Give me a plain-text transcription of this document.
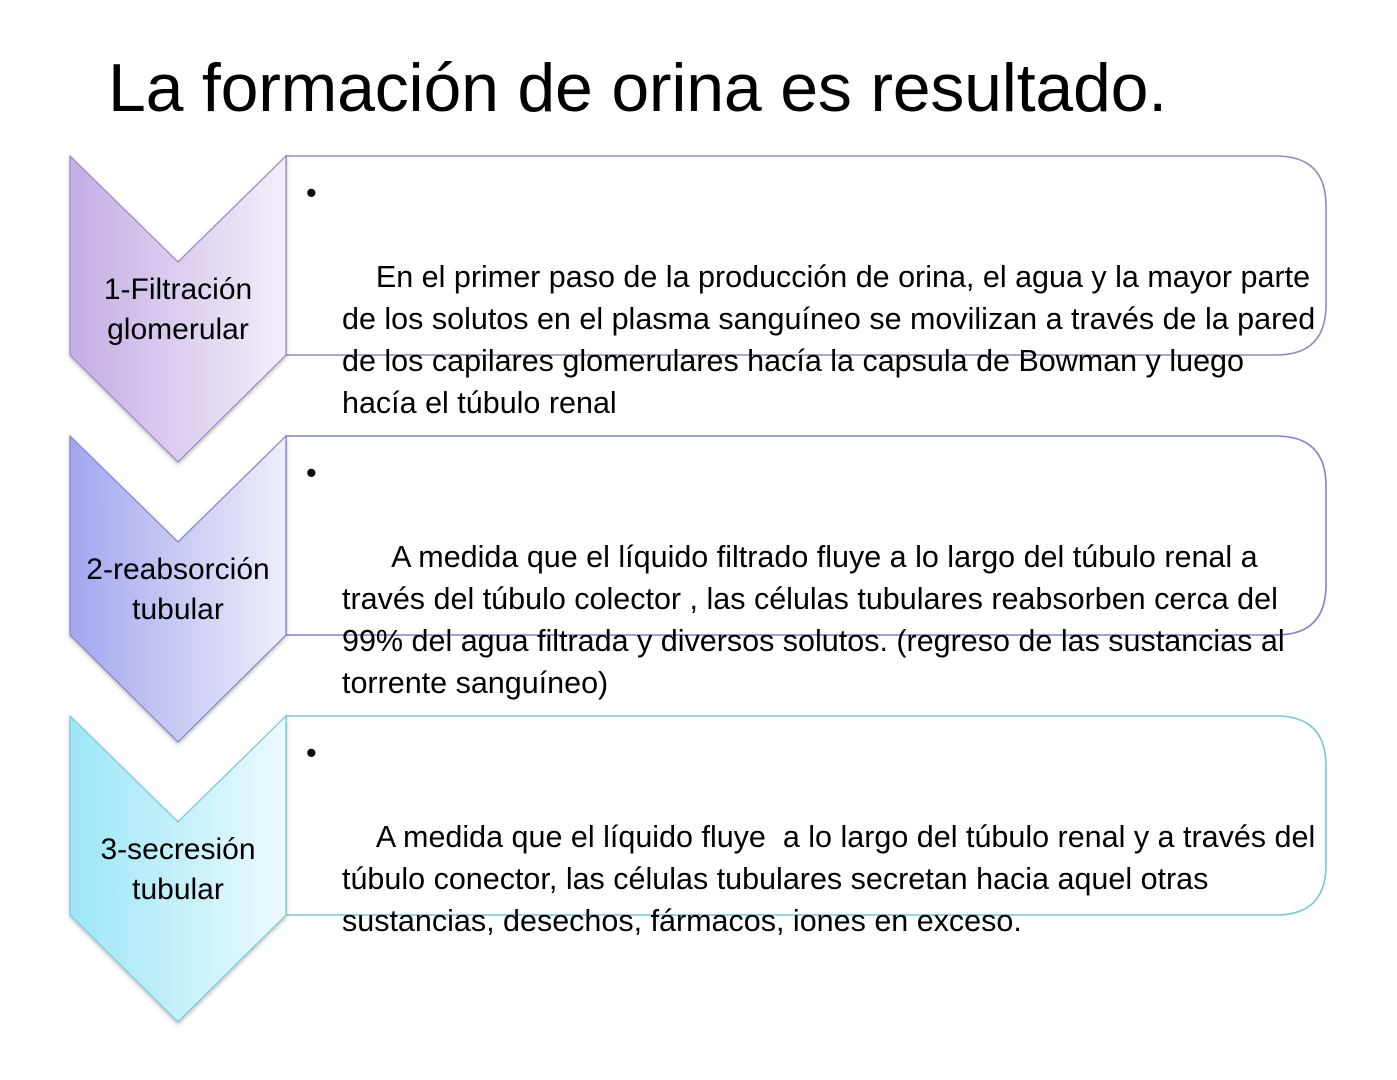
La formación de orina es resultado.
1-Filtración
glomerular

•

En el primer paso de la producción de orina, el agua y la mayor parte de los solutos en el plasma sanguíneo se movilizan a través de la pared de los capilares glomerulares hacía la capsula de Bowman y luego hacía el túbulo renal

2-reabsorción
tubular

•

A medida que el líquido filtrado fluye a lo largo del túbulo renal a través del túbulo colector , las células tubulares reabsorben cerca del 99% del agua filtrada y diversos solutos. (regreso de las sustancias al torrente sanguíneo)

3-secresión
tubular

•

A medida que el líquido fluye  a lo largo del túbulo renal y a través del túbulo conector, las células tubulares secretan hacia aquel otras sustancias, desechos, fármacos, iones en exceso.
